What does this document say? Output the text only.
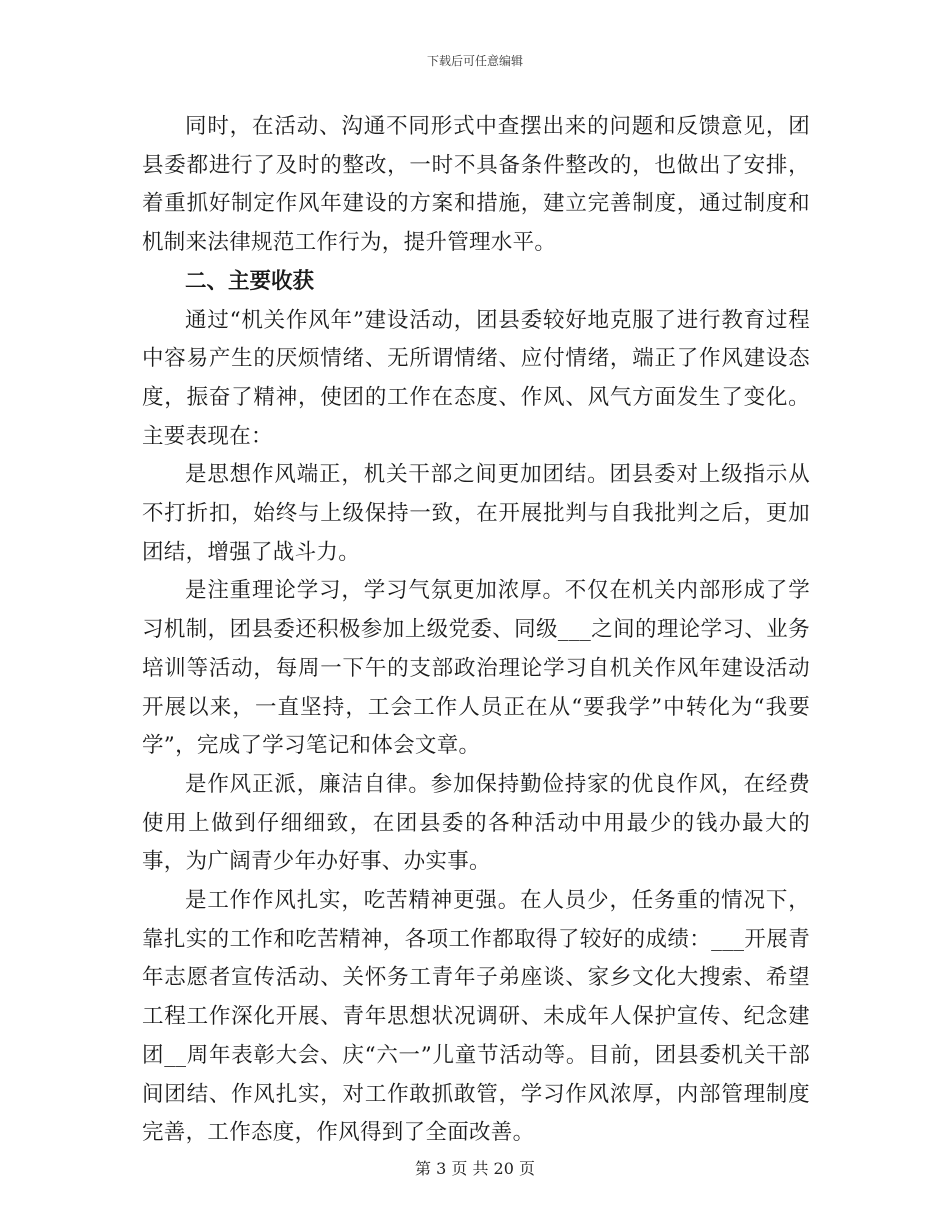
下载后可任意编辑

同时，在活动、沟通不同形式中查摆出来的问题和反馈意见，团县委都进行了及时的整改，一时不具备条件整改的，也做出了安排，着重抓好制定作风年建设的方案和措施，建立完善制度，通过制度和机制来法律规范工作行为，提升管理水平。

二、主要收获

通过“机关作风年”建设活动，团县委较好地克服了进行教育过程中容易产生的厌烦情绪、无所谓情绪、应付情绪，端正了作风建设态度，振奋了精神，使团的工作在态度、作风、风气方面发生了变化。主要表现在：

是思想作风端正，机关干部之间更加团结。团县委对上级指示从不打折扣，始终与上级保持一致，在开展批判与自我批判之后，更加团结，增强了战斗力。

是注重理论学习，学习气氛更加浓厚。不仅在机关内部形成了学习机制，团县委还积极参加上级党委、同级___之间的理论学习、业务培训等活动，每周一下午的支部政治理论学习自机关作风年建设活动开展以来，一直坚持，工会工作人员正在从“要我学”中转化为“我要学”，完成了学习笔记和体会文章。

是作风正派，廉洁自律。参加保持勤俭持家的优良作风，在经费使用上做到仔细细致，在团县委的各种活动中用最少的钱办最大的事，为广阔青少年办好事、办实事。

是工作作风扎实，吃苦精神更强。在人员少，任务重的情况下，靠扎实的工作和吃苦精神，各项工作都取得了较好的成绩：___开展青年志愿者宣传活动、关怀务工青年子弟座谈、家乡文化大搜索、希望工程工作深化开展、青年思想状况调研、未成年人保护宣传、纪念建团__周年表彰大会、庆“六一”儿童节活动等。目前，团县委机关干部间团结、作风扎实，对工作敢抓敢管，学习作风浓厚，内部管理制度完善，工作态度，作风得到了全面改善。

第 3 页 共 20 页
